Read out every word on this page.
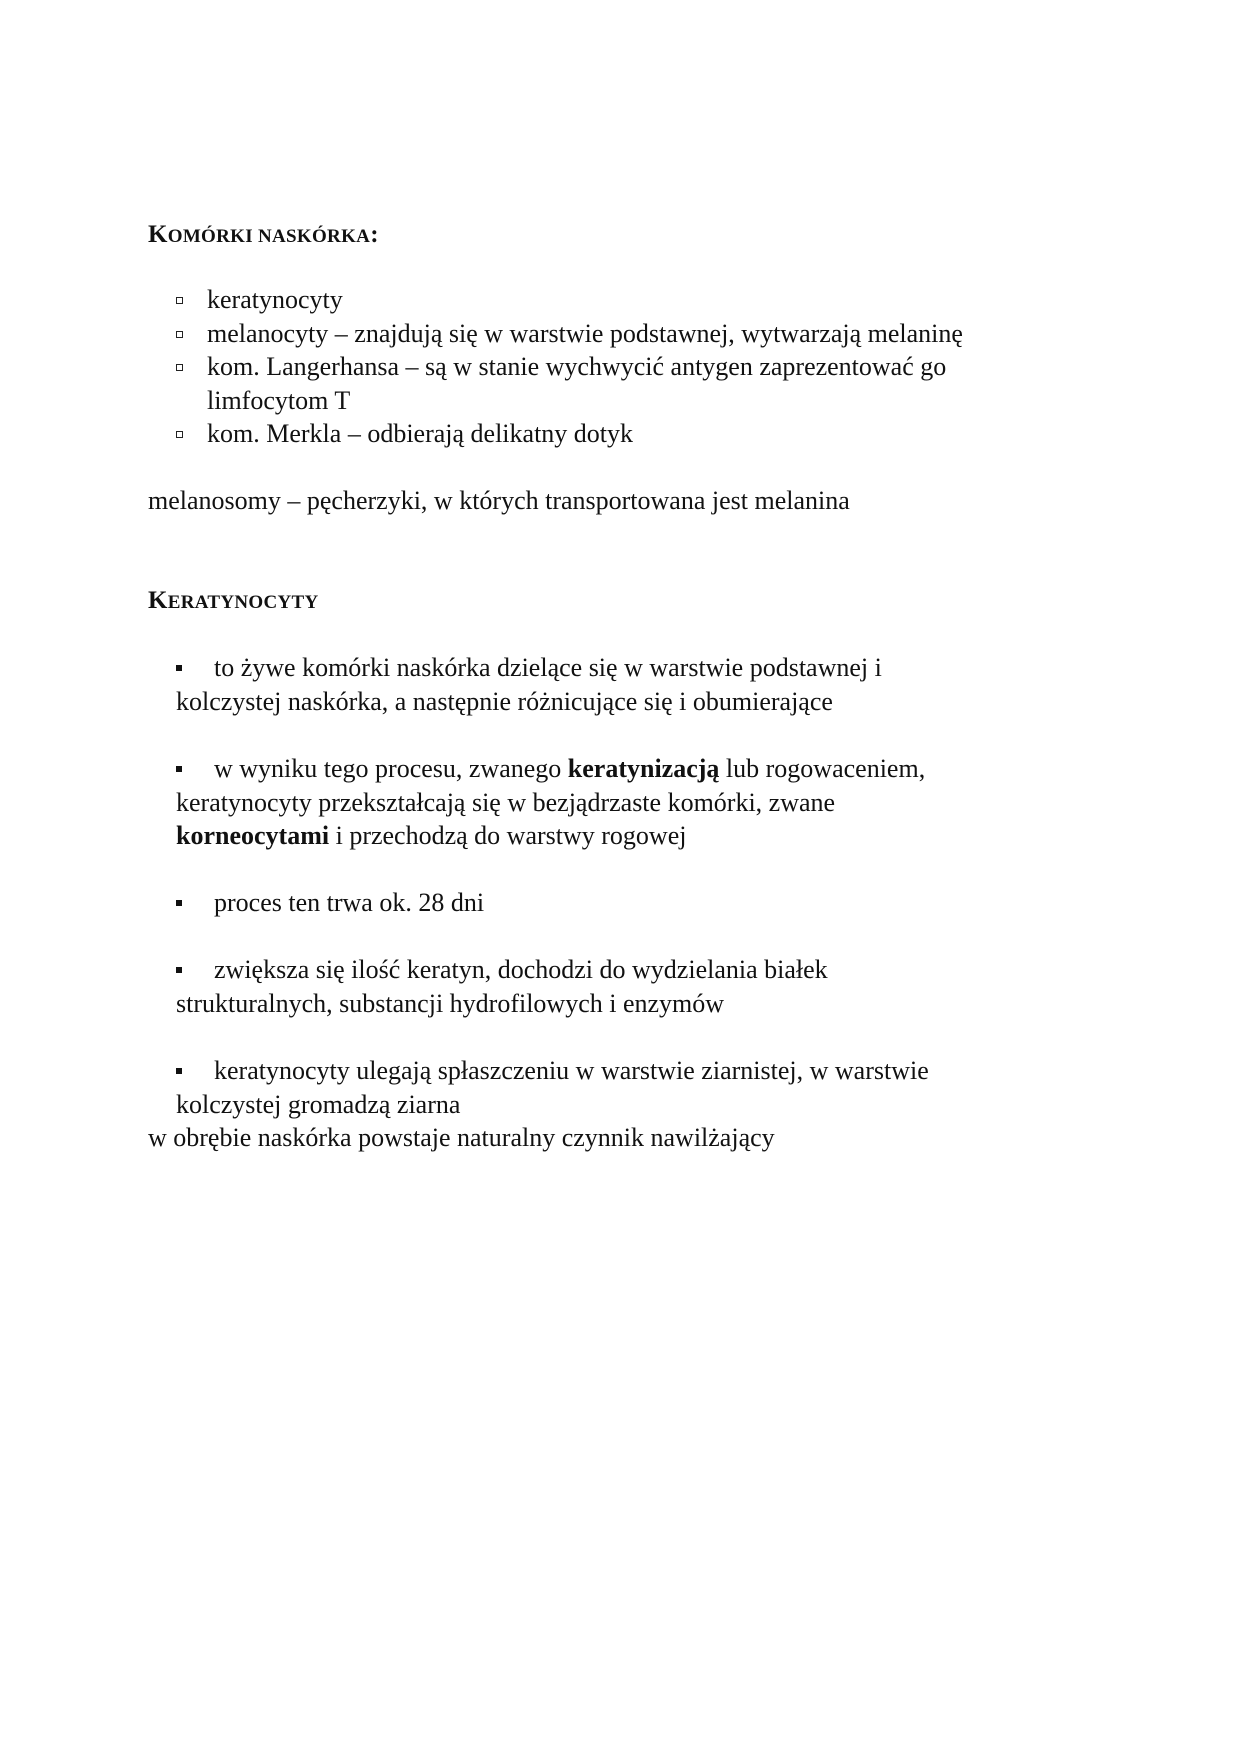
KOMÓRKI NASKÓRKA:
keratynocyty
melanocyty – znajdują się w warstwie podstawnej, wytwarzają melaninę
kom. Langerhansa – są w stanie wychwycić antygen zaprezentować go limfocytom T
kom. Merkla – odbierają delikatny dotyk
melanosomy – pęcherzyki, w których transportowana jest melanina
KERATYNOCYTY
to żywe komórki naskórka dzielące się w warstwie podstawnej i
kolczystej naskórka, a następnie różnicujące się i obumierające
w wyniku tego procesu, zwanego keratynizacją lub rogowaceniem,
keratynocyty przekształcają się w bezjądrzaste komórki, zwane
korneocytami i przechodzą do warstwy rogowej
proces ten trwa ok. 28 dni
zwiększa się ilość keratyn, dochodzi do wydzielania białek
strukturalnych, substancji hydrofilowych i enzymów
keratynocyty ulegają spłaszczeniu w warstwie ziarnistej, w warstwie
kolczystej gromadzą ziarna
w obrębie naskórka powstaje naturalny czynnik nawilżający
